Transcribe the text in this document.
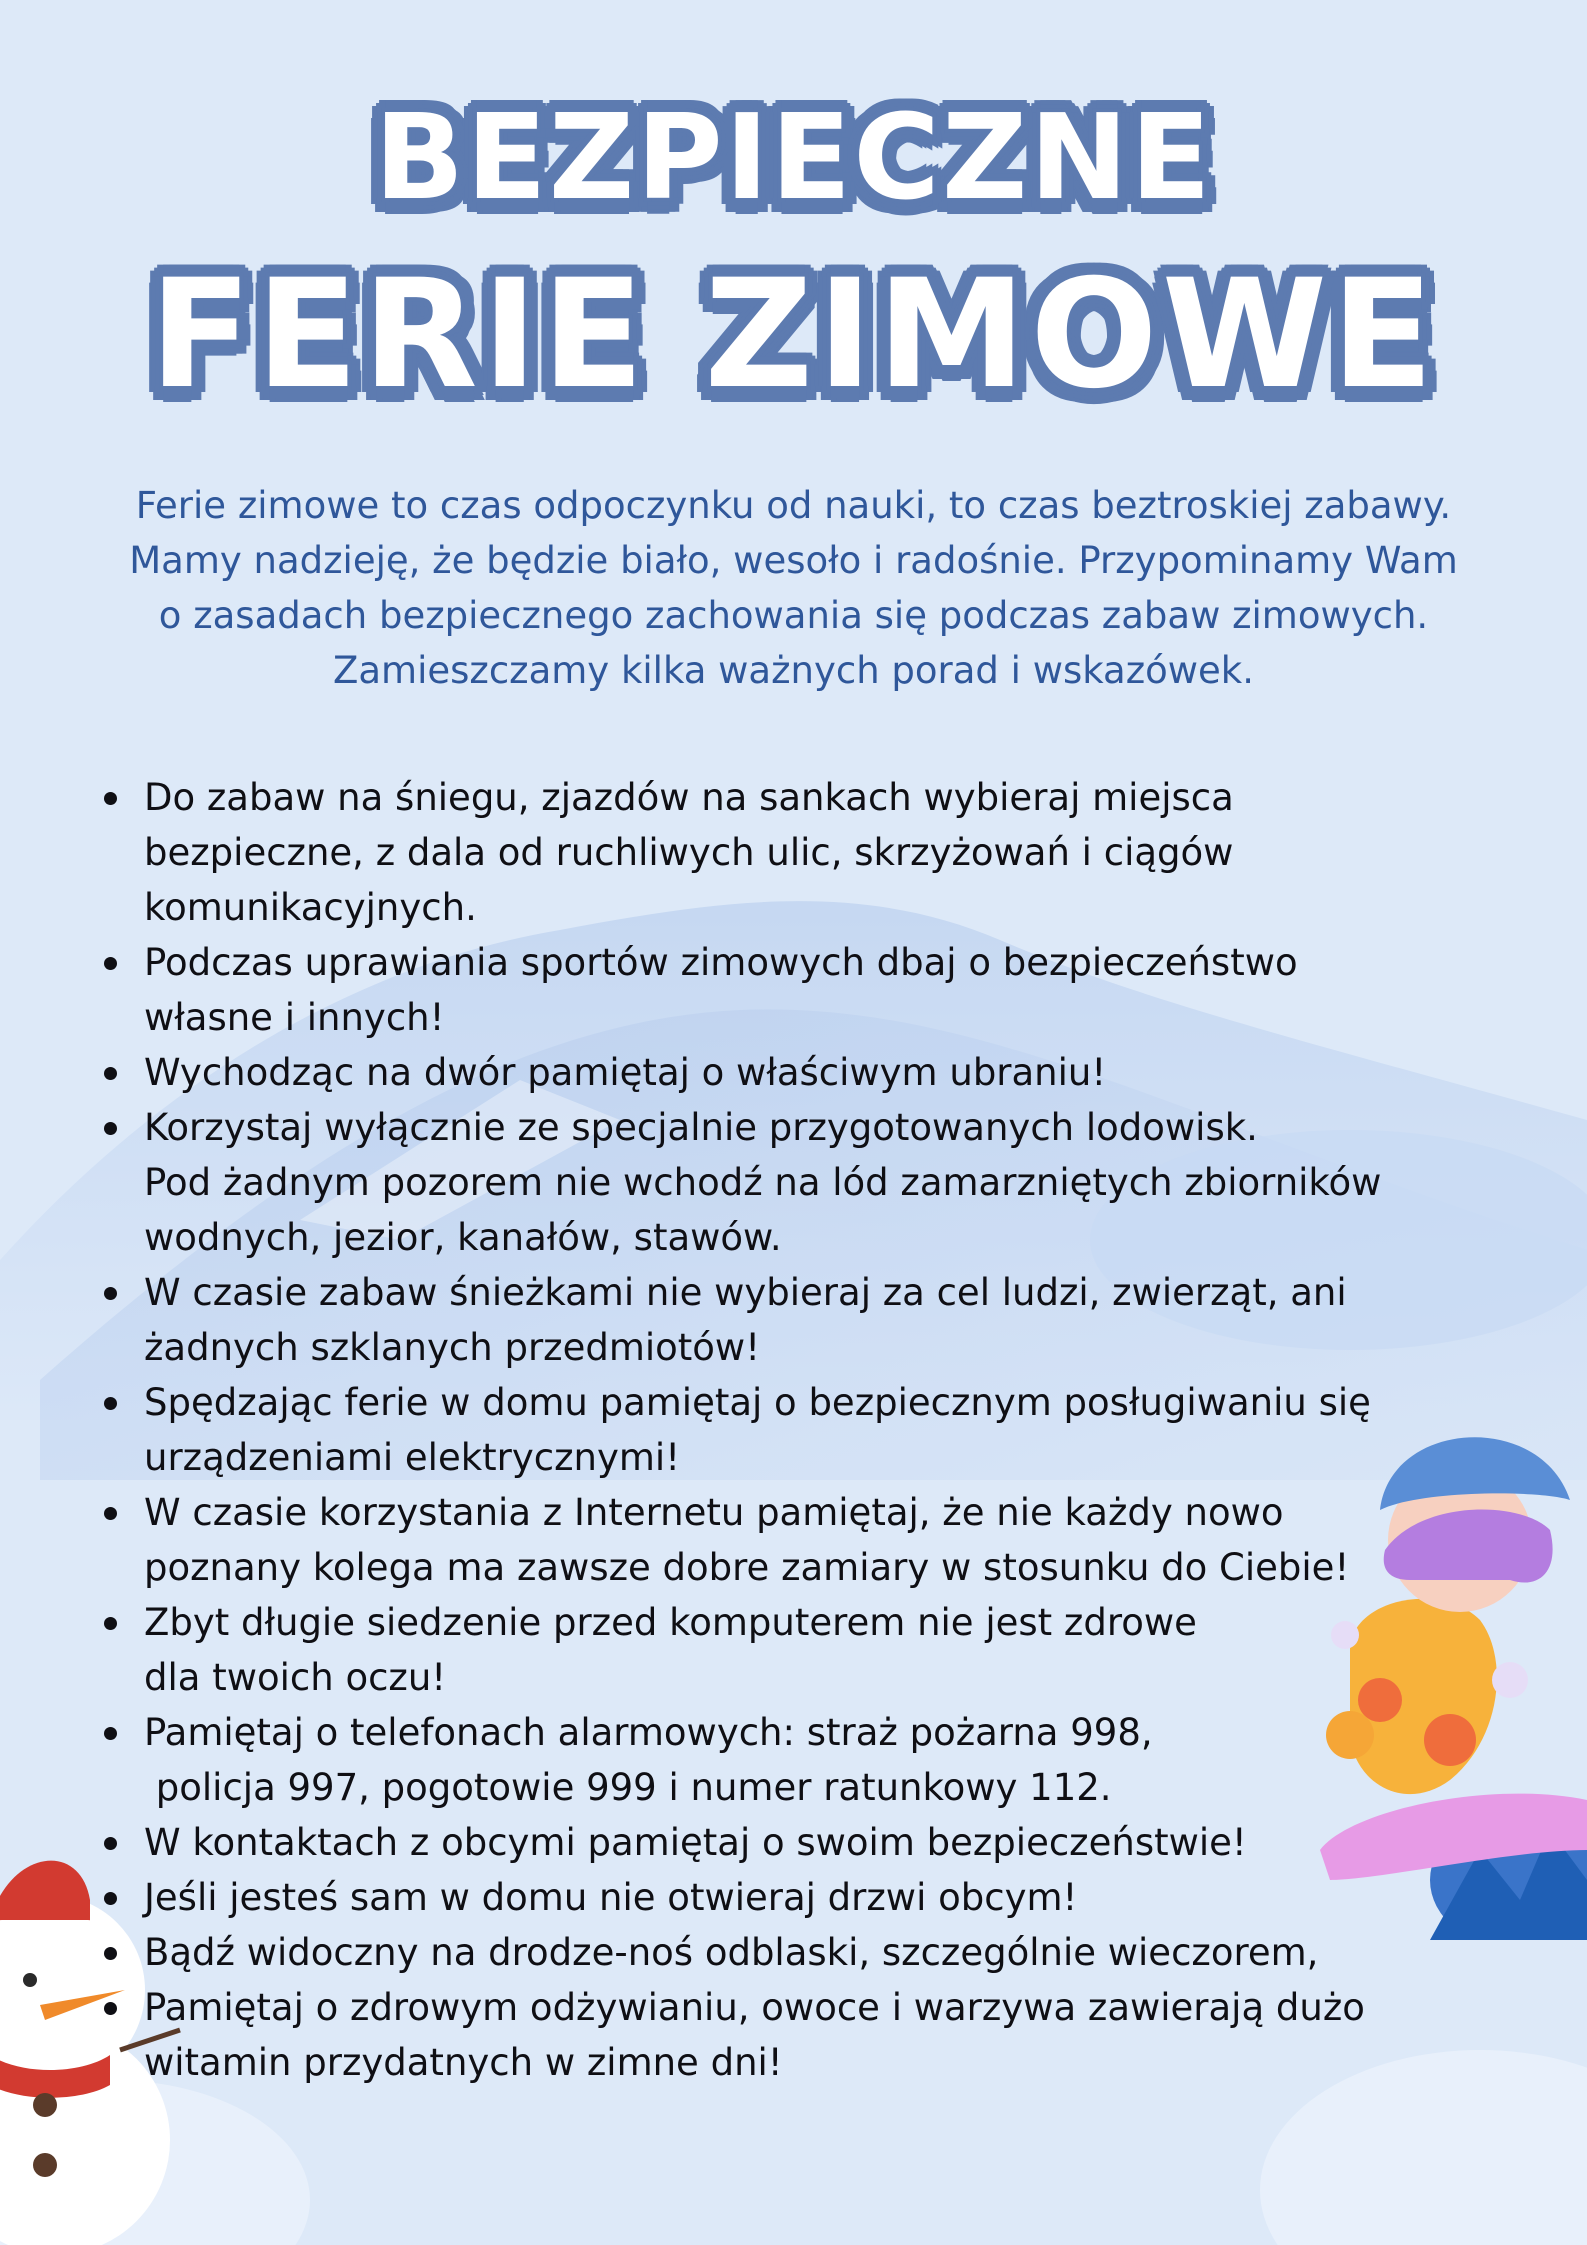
BEZPIECZNE
FERIE ZIMOWE
Ferie zimowe to czas odpoczynku od nauki, to czas beztroskiej zabawy.
Mamy nadzieję, że będzie biało, wesoło i radośnie. Przypominamy Wam
o zasadach bezpiecznego zachowania się podczas zabaw zimowych.
Zamieszczamy kilka ważnych porad i wskazówek.
Do zabaw na śniegu, zjazdów na sankach wybieraj miejsca
bezpieczne, z dala od ruchliwych ulic, skrzyżowań i ciągów
komunikacyjnych.
Podczas uprawiania sportów zimowych dbaj o bezpieczeństwo
własne i innych!
Wychodząc na dwór pamiętaj o właściwym ubraniu!
Korzystaj wyłącznie ze specjalnie przygotowanych lodowisk.
Pod żadnym pozorem nie wchodź na lód zamarzniętych zbiorników
wodnych, jezior, kanałów, stawów.
W czasie zabaw śnieżkami nie wybieraj za cel ludzi, zwierząt, ani
żadnych szklanych przedmiotów!
Spędzając ferie w domu pamiętaj o bezpiecznym posługiwaniu się
urządzeniami elektrycznymi!
W czasie korzystania z Internetu pamiętaj, że nie każdy nowo
poznany kolega ma zawsze dobre zamiary w stosunku do Ciebie!
Zbyt długie siedzenie przed komputerem nie jest zdrowe
dla twoich oczu!
Pamiętaj o telefonach alarmowych: straż pożarna 998,
policja 997, pogotowie 999 i numer ratunkowy 112.
W kontaktach z obcymi pamiętaj o swoim bezpieczeństwie!
Jeśli jesteś sam w domu nie otwieraj drzwi obcym!
Bądź widoczny na drodze-noś odblaski, szczególnie wieczorem,
Pamiętaj o zdrowym odżywianiu, owoce i warzywa zawierają dużo
witamin przydatnych w zimne dni!
